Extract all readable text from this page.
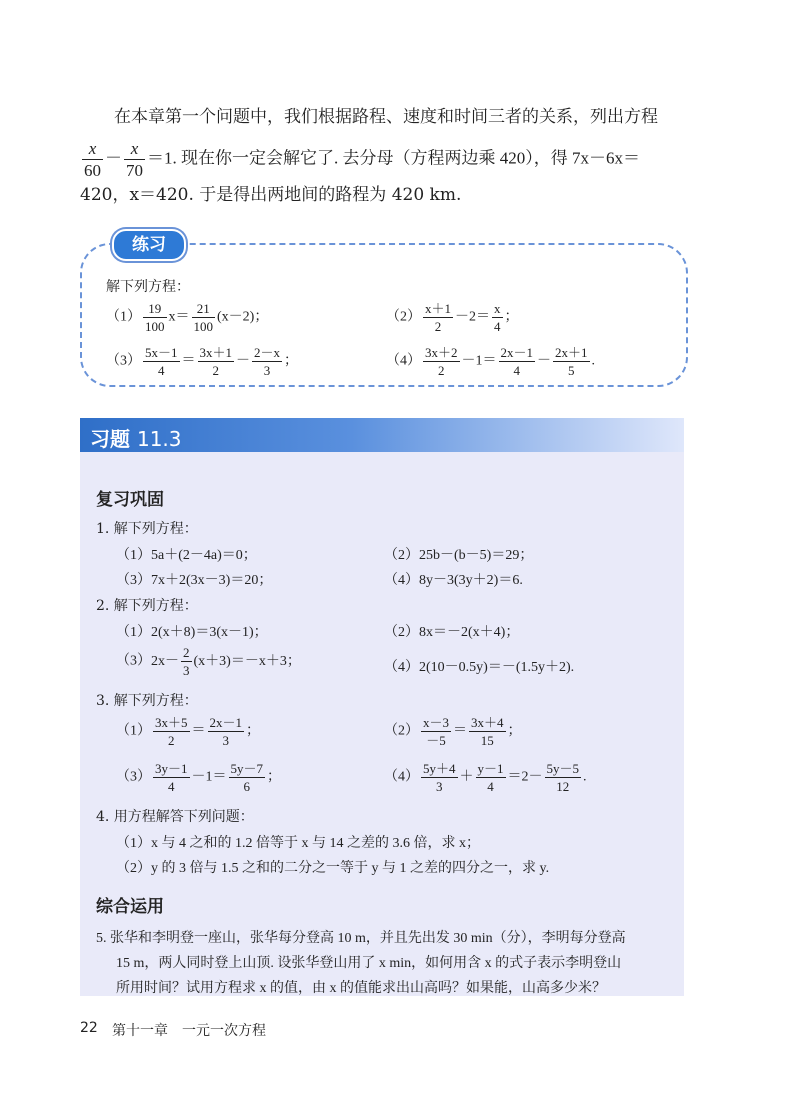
在本章第一个问题中，我们根据路程、速度和时间三者的关系，列出方程
$\frac{x}{60} - \frac{x}{70} =1$. 现在你一定会解它了. 去分母（方程两边乘 420），得 7x－6x＝
420，x＝420. 于是得出两地间的路程为 420 km.
练习
解下列方程：
$(1) \frac{19}{100} x= \frac{21}{100} (x-2)$；	$(2) \frac{x+1}{2} -2= \frac{x}{4}$ ；
$(3) \frac{5x-1}{4} = \frac{3x+1}{2} - \frac{2-x}{3}$ ；	$(4) \frac{3x+2}{2} -1= \frac{2x-1}{4} - \frac{2x+1}{5}$ .
习题 11.3
复习巩固
1. 解下列方程：
（1）5a＋(2－4a)＝0；	（2）25b－(b－5)＝29；
（3）7x＋2(3x－3)＝20；	（4）8y－3(3y＋2)＝6.
2. 解下列方程：
（1）2(x＋8)＝3(x－1)；	（2）8x＝－2(x＋4)；
$(3)2x- \frac{2}{3} (x+3)=-x+3$；	（4）2(10－0.5y)＝－(1.5y＋2).
3. 解下列方程：
$(1) \frac{3x+5}{2} = \frac{2x-1}{3}$ ；	$(2) \frac{x-3}{-5} = \frac{3x+4}{15}$ ；
$(3) \frac{3y-1}{4} -1= \frac{5y-7}{6}$ ；	$(4) \frac{5y+4}{3} + \frac{y-1}{4} =2- \frac{5y-5}{12}$ .
4. 用方程解答下列问题：
（1）x 与 4 之和的 1.2 倍等于 x 与 14 之差的 3.6 倍，求 x；
（2）y 的 3 倍与 1.5 之和的二分之一等于 y 与 1 之差的四分之一，求 y.
综合运用
5. 张华和李明登一座山，张华每分登高 10 m，并且先出发 30 min（分），李明每分登高
15 m，两人同时登上山顶. 设张华登山用了 x min，如何用含 x 的式子表示李明登山
所用时间？试用方程求 x 的值，由 x 的值能求出山高吗？如果能，山高多少米？
22 第十一章　一元一次方程
